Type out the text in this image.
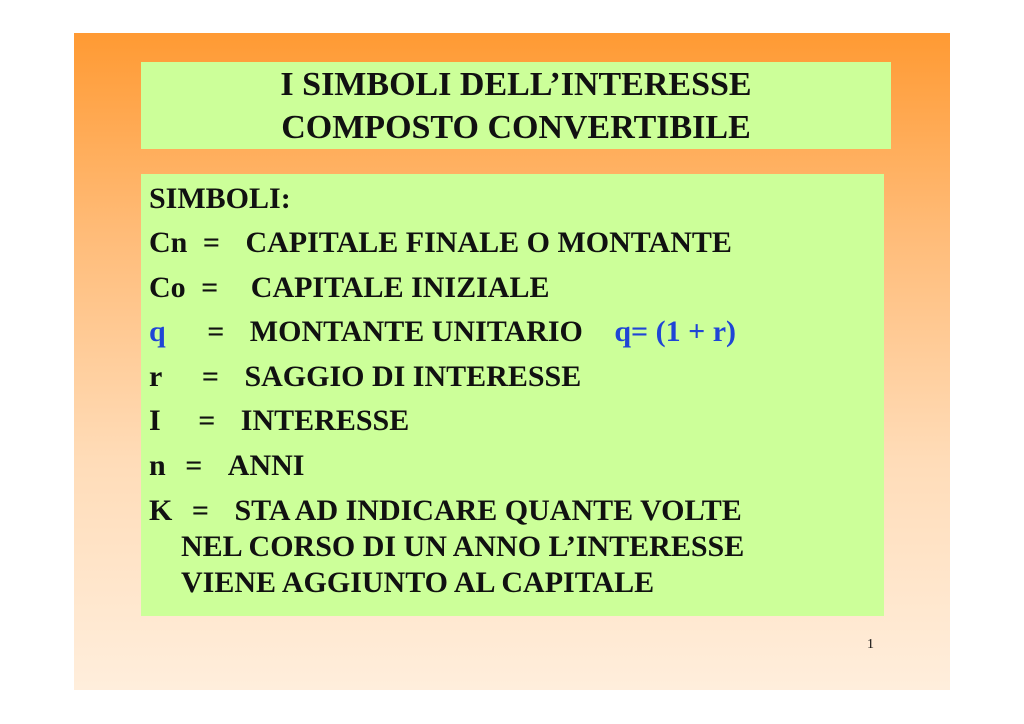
I SIMBOLI DELL’INTERESSE
COMPOSTO CONVERTIBILE
SIMBOLI:
Cn = CAPITALE FINALE O MONTANTE
Co = CAPITALE INIZIALE
q = MONTANTE UNITARIO q= (1 + r)
r = SAGGIO DI INTERESSE
I = INTERESSE
n = ANNI
K = STA AD INDICARE QUANTE VOLTE
NEL CORSO DI UN ANNO L’INTERESSE
VIENE AGGIUNTO AL CAPITALE
1
